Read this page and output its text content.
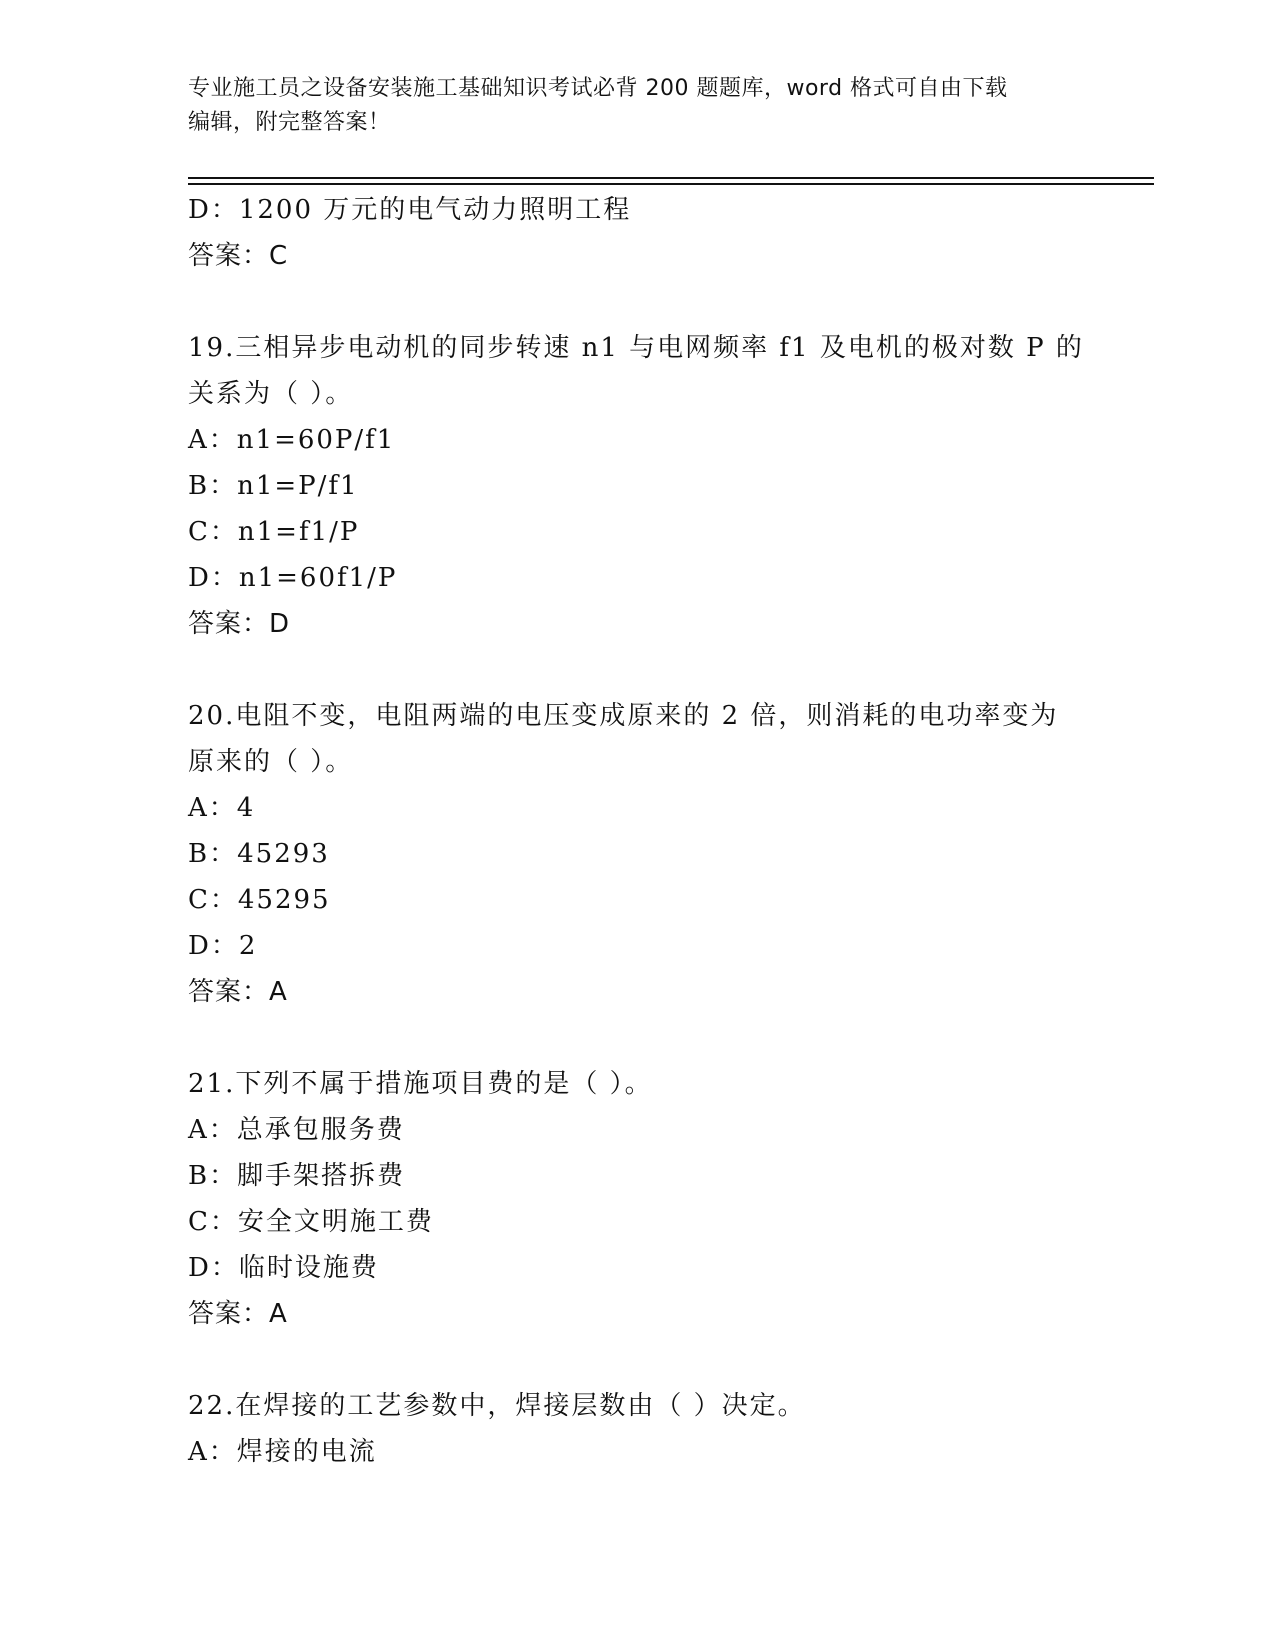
专业施工员之设备安装施工基础知识考试必背 200 题题库，word 格式可自由下载
编辑，附完整答案！
D：1200 万元的电气动力照明工程
答案：C
19.三相异步电动机的同步转速 n1 与电网频率 f1 及电机的极对数 P 的
关系为（ ）。
A：n1=60P/f1
B：n1=P/f1
C：n1=f1/P
D：n1=60f1/P
答案：D
20.电阻不变，电阻两端的电压变成原来的 2 倍，则消耗的电功率变为
原来的（ ）。
A：4
B：45293
C：45295
D：2
答案：A
21.下列不属于措施项目费的是（ ）。
A：总承包服务费
B：脚手架搭拆费
C：安全文明施工费
D：临时设施费
答案：A
22.在焊接的工艺参数中，焊接层数由（ ）决定。
A：焊接的电流
